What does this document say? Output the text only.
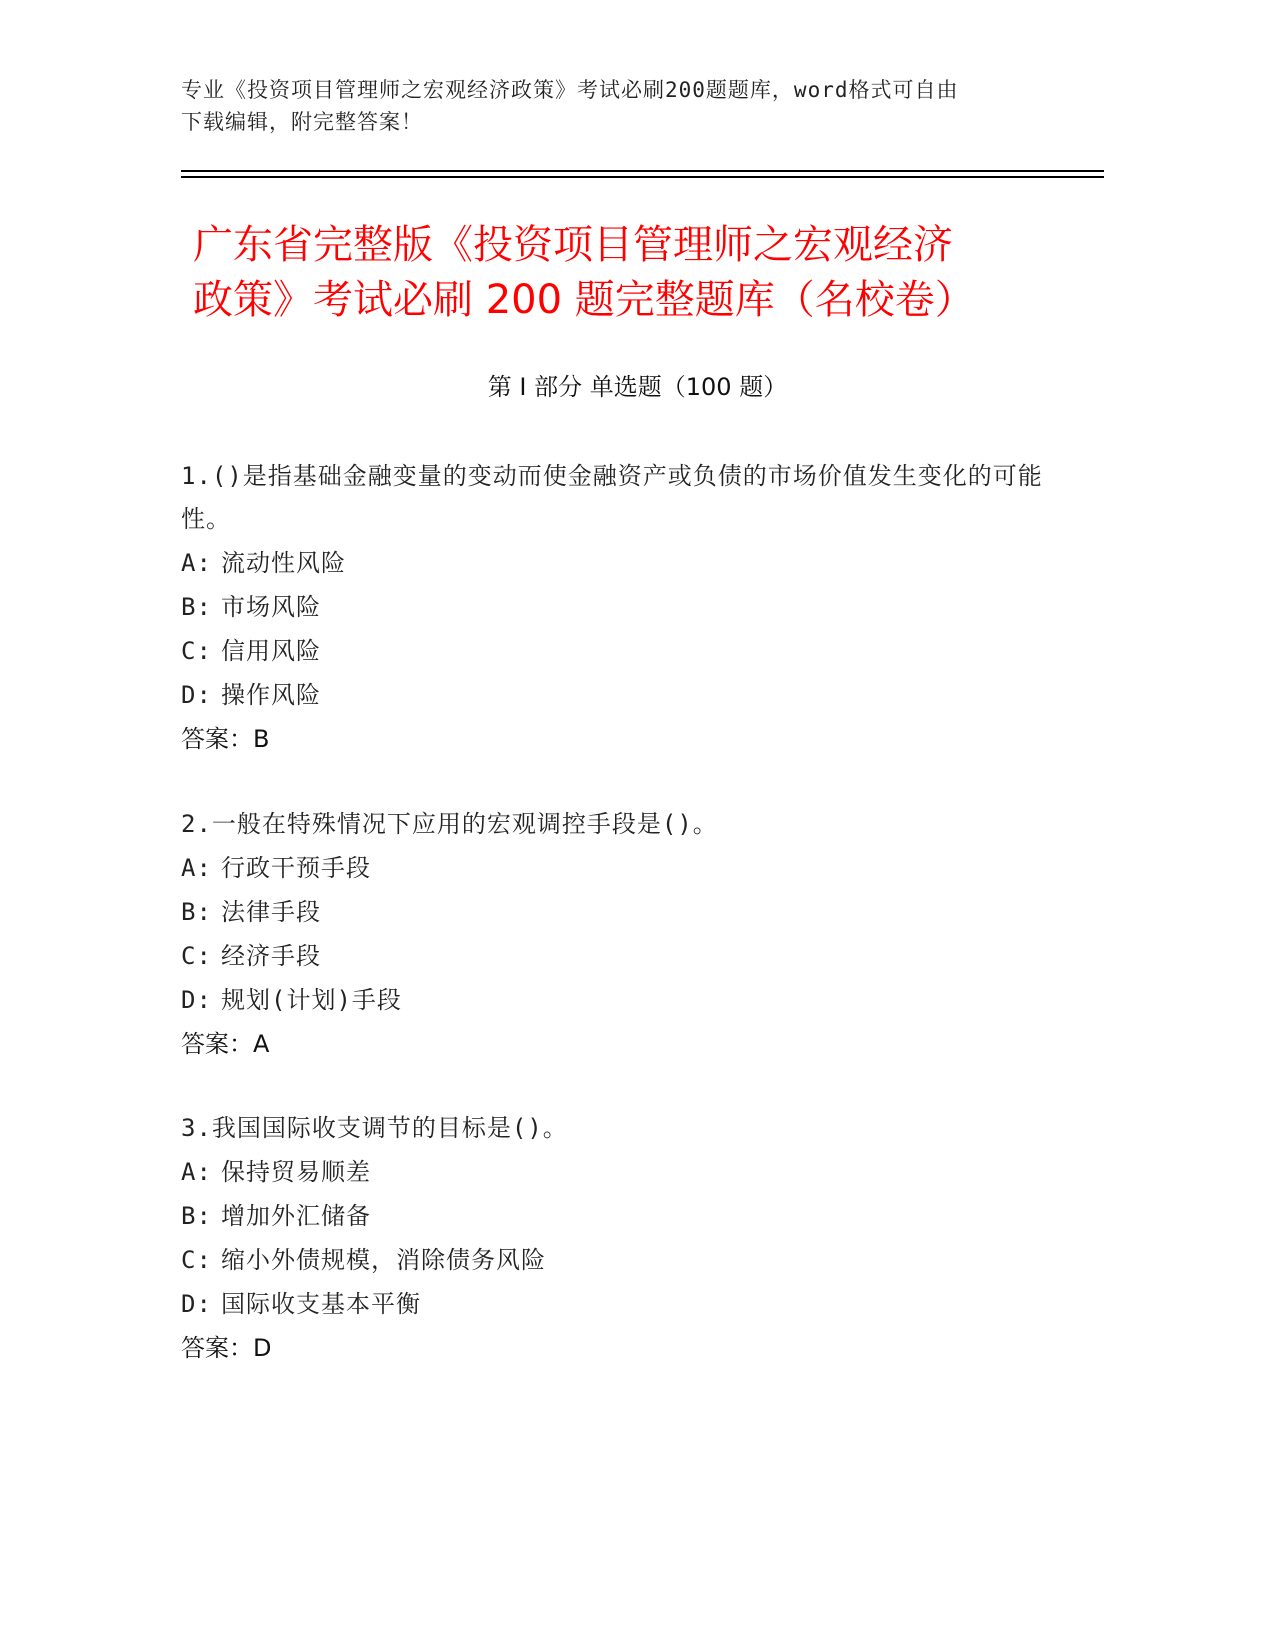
专业《投资项目管理师之宏观经济政策》考试必刷200题题库，word格式可自由
下载编辑，附完整答案！
广东省完整版《投资项目管理师之宏观经济
政策》考试必刷 200 题完整题库（名校卷）
第 I 部分 单选题（100 题）
1.()是指基础金融变量的变动而使金融资产或负债的市场价值发生变化的可能性。
A: 流动性风险
B: 市场风险
C: 信用风险
D: 操作风险
答案：B
2.一般在特殊情况下应用的宏观调控手段是()。
A: 行政干预手段
B: 法律手段
C: 经济手段
D: 规划(计划)手段
答案：A
3.我国国际收支调节的目标是()。
A: 保持贸易顺差
B: 增加外汇储备
C: 缩小外债规模，消除债务风险
D: 国际收支基本平衡
答案：D
